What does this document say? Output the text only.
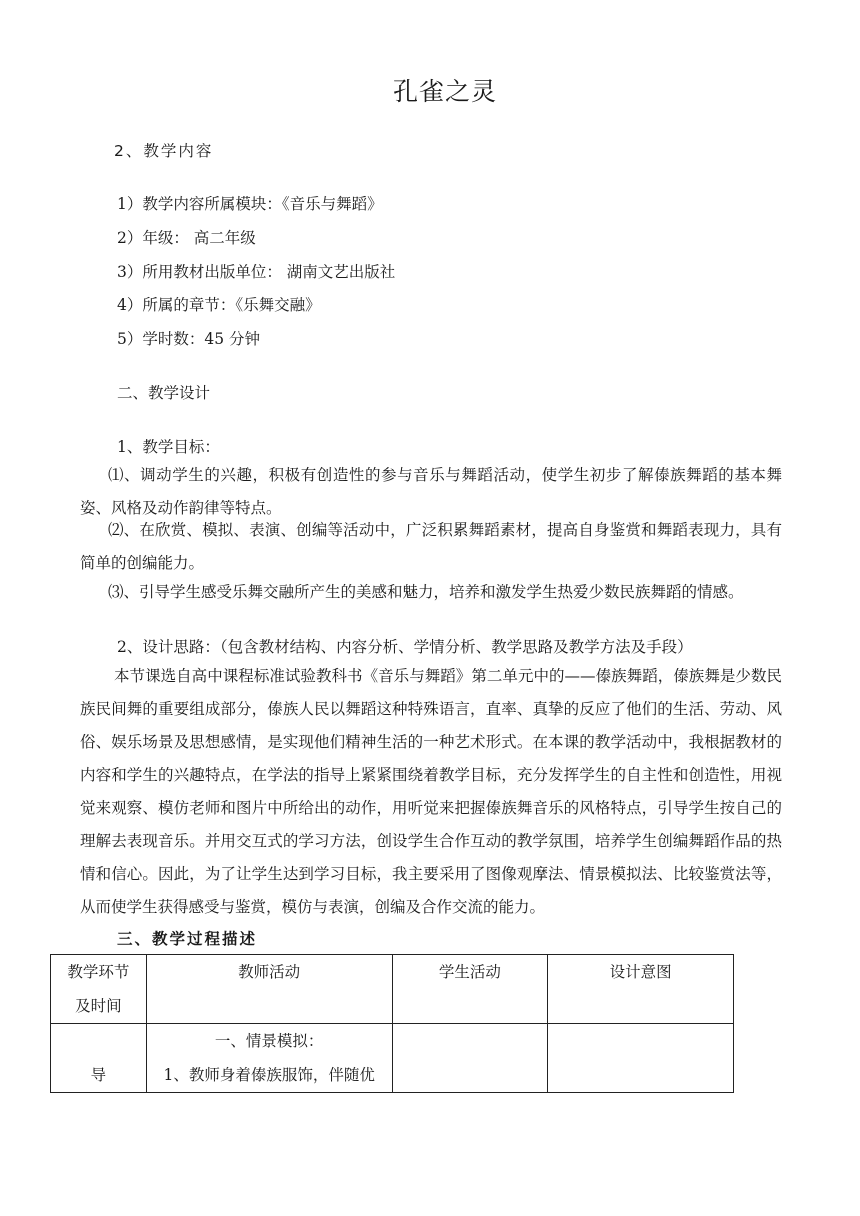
孔雀之灵
2、教学内容
1）教学内容所属模块：《音乐与舞蹈》
2）年级： 高二年级
3）所用教材出版单位： 湖南文艺出版社
4）所属的章节：《乐舞交融》
5）学时数：45 分钟
二、教学设计
1、教学目标：
⑴、调动学生的兴趣，积极有创造性的参与音乐与舞蹈活动，使学生初步了解傣族舞蹈的基本舞姿、风格及动作韵律等特点。
⑵、在欣赏、模拟、表演、创编等活动中，广泛积累舞蹈素材，提高自身鉴赏和舞蹈表现力，具有简单的创编能力。
⑶、引导学生感受乐舞交融所产生的美感和魅力，培养和激发学生热爱少数民族舞蹈的情感。
2、设计思路：（包含教材结构、内容分析、学情分析、教学思路及教学方法及手段）
本节课选自高中课程标准试验教科书《音乐与舞蹈》第二单元中的——傣族舞蹈，傣族舞是少数民族民间舞的重要组成部分，傣族人民以舞蹈这种特殊语言，直率、真挚的反应了他们的生活、劳动、风俗、娱乐场景及思想感情，是实现他们精神生活的一种艺术形式。在本课的教学活动中，我根据教材的内容和学生的兴趣特点，在学法的指导上紧紧围绕着教学目标，充分发挥学生的自主性和创造性，用视觉来观察、模仿老师和图片中所给出的动作，用听觉来把握傣族舞音乐的风格特点，引导学生按自己的理解去表现音乐。并用交互式的学习方法，创设学生合作互动的教学氛围，培养学生创编舞蹈作品的热情和信心。因此，为了让学生达到学习目标，我主要采用了图像观摩法、情景模拟法、比较鉴赏法等，从而使学生获得感受与鉴赏，模仿与表演，创编及合作交流的能力。
三、教学过程描述
教学环节
及时间	教师活动	学生活动	设计意图
导	一、情景模拟：
1、教师身着傣族服饰，伴随优		
